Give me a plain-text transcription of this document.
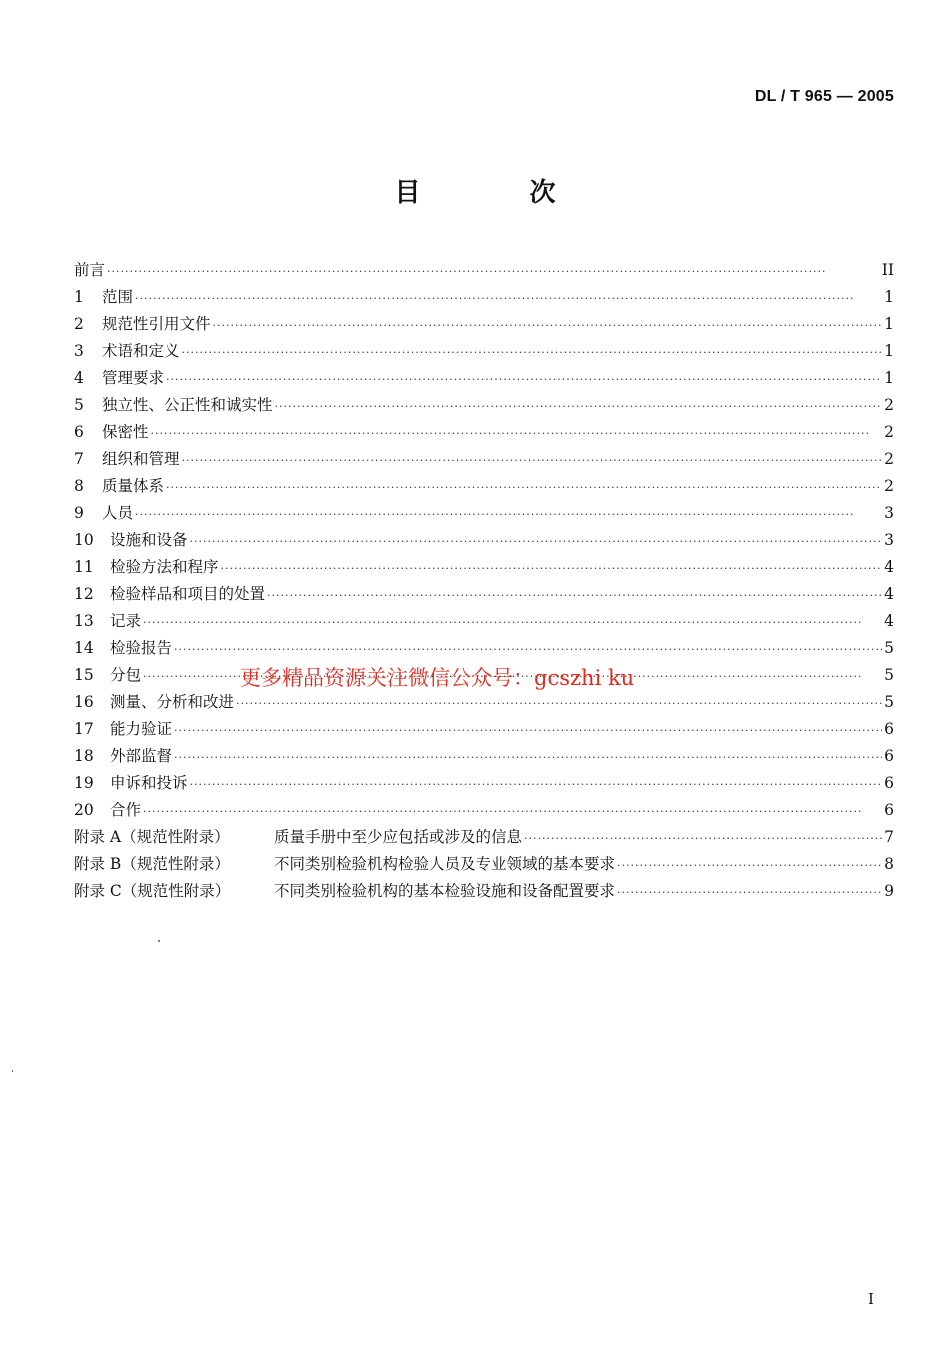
DL / T 965 — 2005
目 次
前言 ·····	II
1	范围 ·····	1
2	规范性引用文件 ·····	1
3	术语和定义 ·····	1
4	管理要求 ·····	1
5	独立性、公正性和诚实性 ·····	2
6	保密性 ·····	2
7	组织和管理 ·····	2
8	质量体系 ·····	2
9	人员 ·····	3
10	设施和设备 ·····	3
11	检验方法和程序 ·····	4
12	检验样品和项目的处置 ·····	4
13	记录 ·····	4
14	检验报告 ·····	5
15	分包 ·····	5
16	测量、分析和改进 ·····	5
17	能力验证 ·····	6
18	外部监督 ·····	6
19	申诉和投诉 ·····	6
20	合作 ·····	6
附录 A（规范性附录）	质量手册中至少应包括或涉及的信息 ·····	7
附录 B（规范性附录）	不同类别检验机构检验人员及专业领域的基本要求 ·····	8
附录 C（规范性附录）	不同类别检验机构的基本检验设施和设备配置要求 ·····	9
更多精品资源关注微信公众号：gcszhi ku
I
